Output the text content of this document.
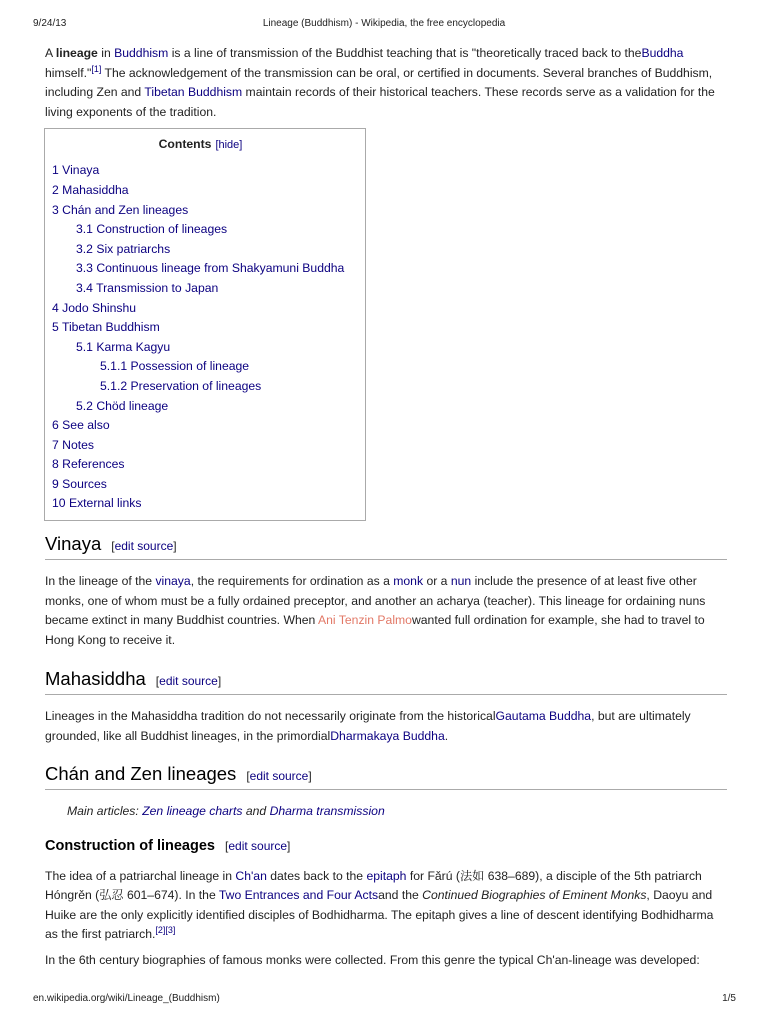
9/24/13	Lineage (Buddhism) - Wikipedia, the free encyclopedia

A lineage in Buddhism is a line of transmission of the Buddhist teaching that is "theoretically traced back to theBuddha himself."[1] The acknowledgement of the transmission can be oral, or certified in documents. Several branches of Buddhism, including Zen and Tibetan Buddhism maintain records of their historical teachers. These records serve as a validation for the living exponents of the tradition.

Contents [hide]
1 Vinaya
2 Mahasiddha
3 Chán and Zen lineages
3.1 Construction of lineages
3.2 Six patriarchs
3.3 Continuous lineage from Shakyamuni Buddha
3.4 Transmission to Japan
4 Jodo Shinshu
5 Tibetan Buddhism
5.1 Karma Kagyu
5.1.1 Possession of lineage
5.1.2 Preservation of lineages
5.2 Chöd lineage
6 See also
7 Notes
8 References
9 Sources
10 External links
Vinaya [edit source]

In the lineage of the vinaya, the requirements for ordination as a monk or a nun include the presence of at least five other monks, one of whom must be a fully ordained preceptor, and another an acharya (teacher). This lineage for ordaining nuns became extinct in many Buddhist countries. When Ani Tenzin Palmowanted full ordination for example, she had to travel to Hong Kong to receive it.

Mahasiddha [edit source]

Lineages in the Mahasiddha tradition do not necessarily originate from the historicalGautama Buddha, but are ultimately grounded, like all Buddhist lineages, in the primordialDharmakaya Buddha.

Chán and Zen lineages [edit source]
Main articles: Zen lineage charts and Dharma transmission
Construction of lineages [edit source]

The idea of a patriarchal lineage in Ch'an dates back to the epitaph for Fǎrú (法如 638–689), a disciple of the 5th patriarch Hóngrěn (弘忍 601–674). In the Two Entrances and Four Actsand the Continued Biographies of Eminent Monks, Daoyu and Huike are the only explicitly identified disciples of Bodhidharma. The epitaph gives a line of descent identifying Bodhidharma as the first patriarch.[2][3]

In the 6th century biographies of famous monks were collected. From this genre the typical Ch'an-lineage was developed:

en.wikipedia.org/wiki/Lineage_(Buddhism)	1/5
